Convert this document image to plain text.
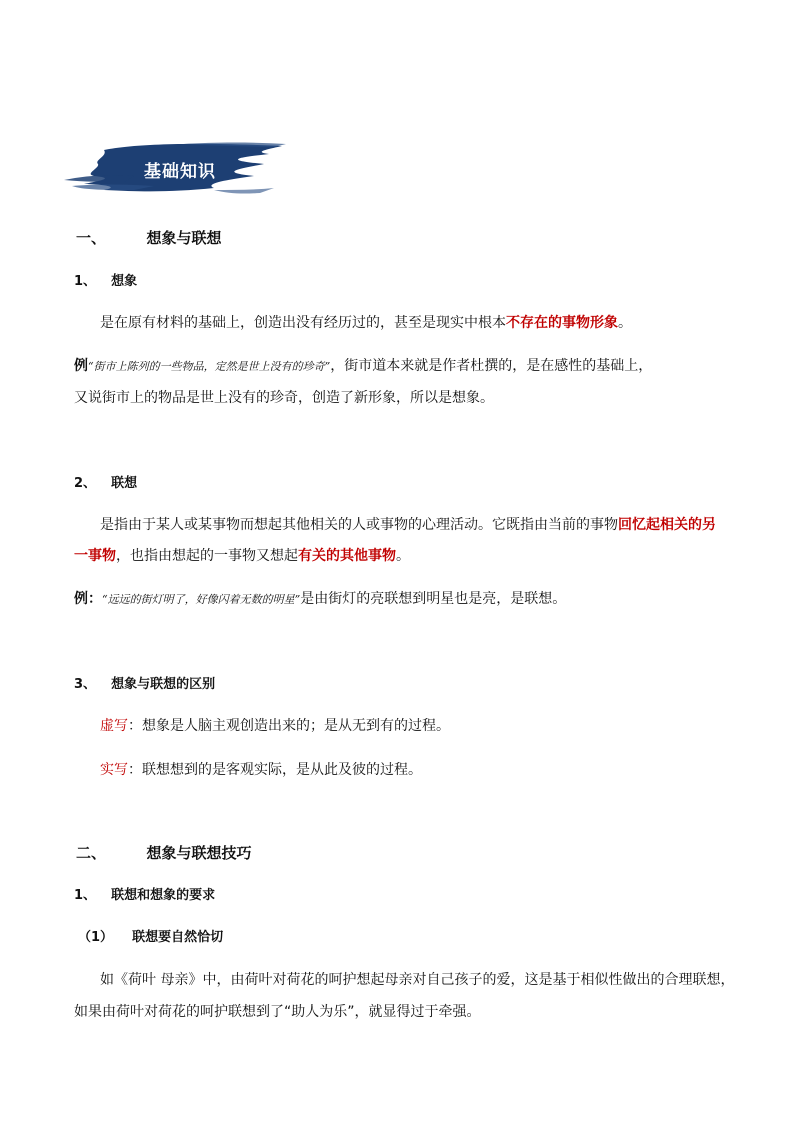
基础知识
一、	想象与联想
1、 想象
是在原有材料的基础上，创造出没有经历过的，甚至是现实中根本不存在的事物形象。
例“街市上陈列的一些物品，定然是世上没有的珍奇”，街市道本来就是作者杜撰的，是在感性的基础上，
又说街市上的物品是世上没有的珍奇，创造了新形象，所以是想象。
2、 联想
是指由于某人或某事物而想起其他相关的人或事物的心理活动。它既指由当前的事物回忆起相关的另
一事物，也指由想起的一事物又想起有关的其他事物。
例：“远远的街灯明了，好像闪着无数的明星”是由街灯的亮联想到明星也是亮，是联想。
3、 想象与联想的区别
虚写：想象是人脑主观创造出来的；是从无到有的过程。
实写：联想想到的是客观实际，是从此及彼的过程。
二、	想象与联想技巧
1、 联想和想象的要求
（1） 联想要自然恰切
如《荷叶 母亲》中，由荷叶对荷花的呵护想起母亲对自己孩子的爱，这是基于相似性做出的合理联想，
如果由荷叶对荷花的呵护联想到了“助人为乐”，就显得过于牵强。
